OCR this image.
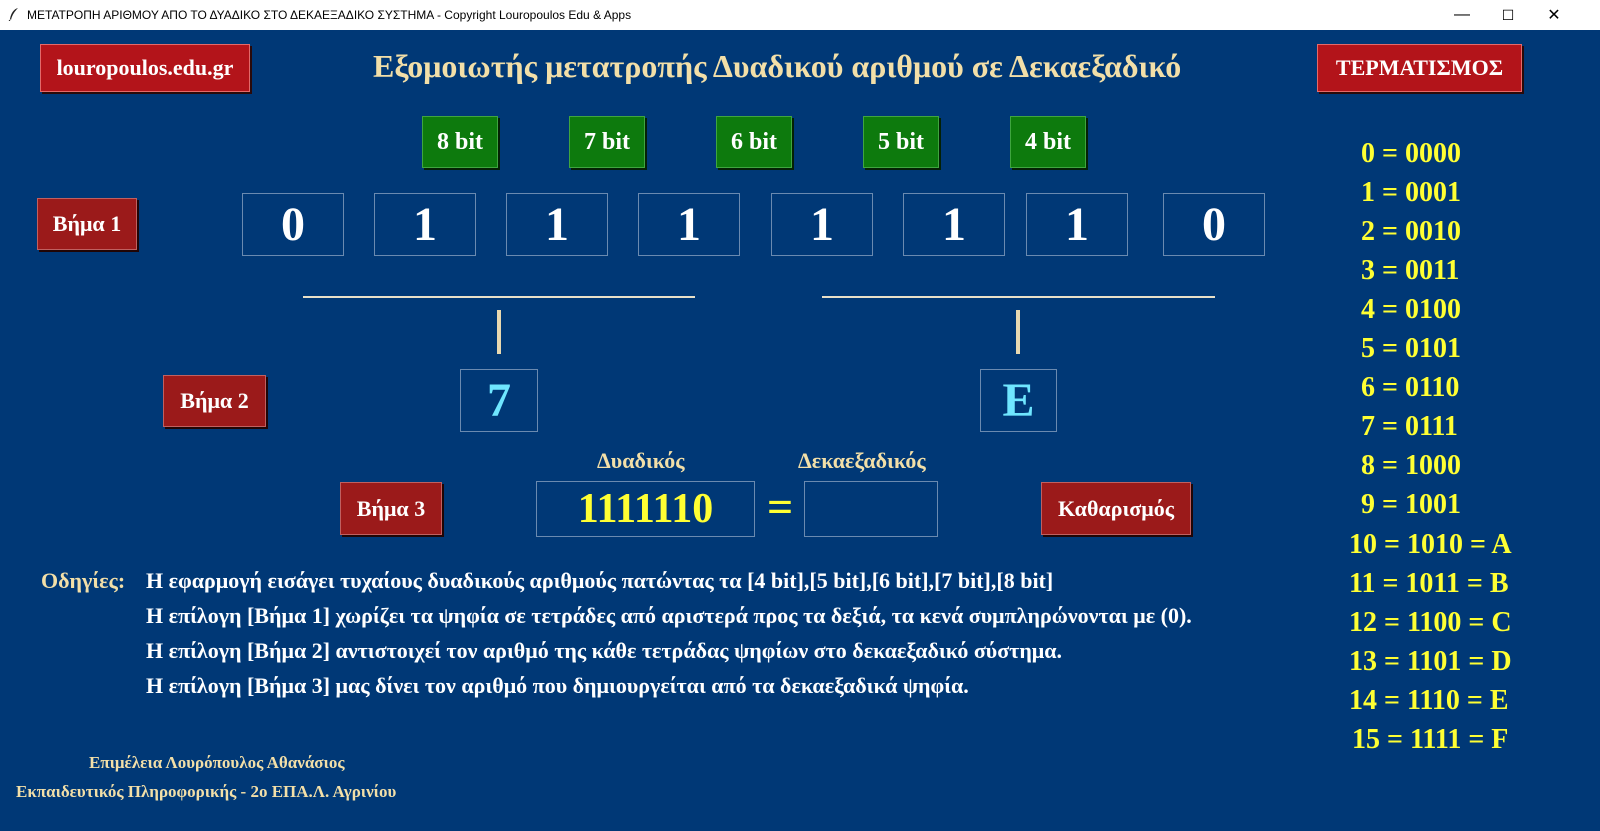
ΜΕΤΑΤΡΟΠΗ ΑΡΙΘΜΟΥ ΑΠΟ ΤΟ ΔΥΑΔΙΚΟ ΣΤΟ ΔΕΚΑΕΞΑΔΙΚΟ ΣΥΣΤΗΜΑ - Copyright Louropoulos Edu & Apps	—	☐	✕
louropoulos.edu.gr	Εξομοιωτής μετατροπής Δυαδικού αριθμού σε Δεκαεξαδικό	ΤΕΡΜΑΤΙΣΜΟΣ
8 bit	7 bit	6 bit	5 bit	4 bit
Βήμα 1	0	1	1	1	1	1	1	0
Βήμα 2	7	E
Δυαδικός	Δεκαεξαδικός
Βήμα 3	1111110	=	Καθαρισμός
0 = 0000
1 = 0001
2 = 0010
3 = 0011
4 = 0100
5 = 0101
6 = 0110
7 = 0111
8 = 1000
9 = 1001
10 = 1010 = A
11 = 1011 = B
12 = 1100 = C
13 = 1101 = D
14 = 1110 = E
15 = 1111 = F
Οδηγίες: Η εφαρμογή εισάγει τυχαίους δυαδικούς αριθμούς πατώντας τα [4 bit],[5 bit],[6 bit],[7 bit],[8 bit]
Η επίλογη [Βήμα 1] χωρίζει τα ψηφία σε τετράδες από αριστερά προς τα δεξιά, τα κενά συμπληρώνονται με (0).
Η επίλογη [Βήμα 2] αντιστοιχεί τον αριθμό της κάθε τετράδας ψηφίων στο δεκαεξαδικό σύστημα.
Η επίλογη [Βήμα 3] μας δίνει τον αριθμό που δημιουργείται από τα δεκαεξαδικά ψηφία.
Επιμέλεια Λουρόπουλος Αθανάσιος
Εκπαιδευτικός Πληροφορικής - 2ο ΕΠΑ.Λ. Αγρινίου
